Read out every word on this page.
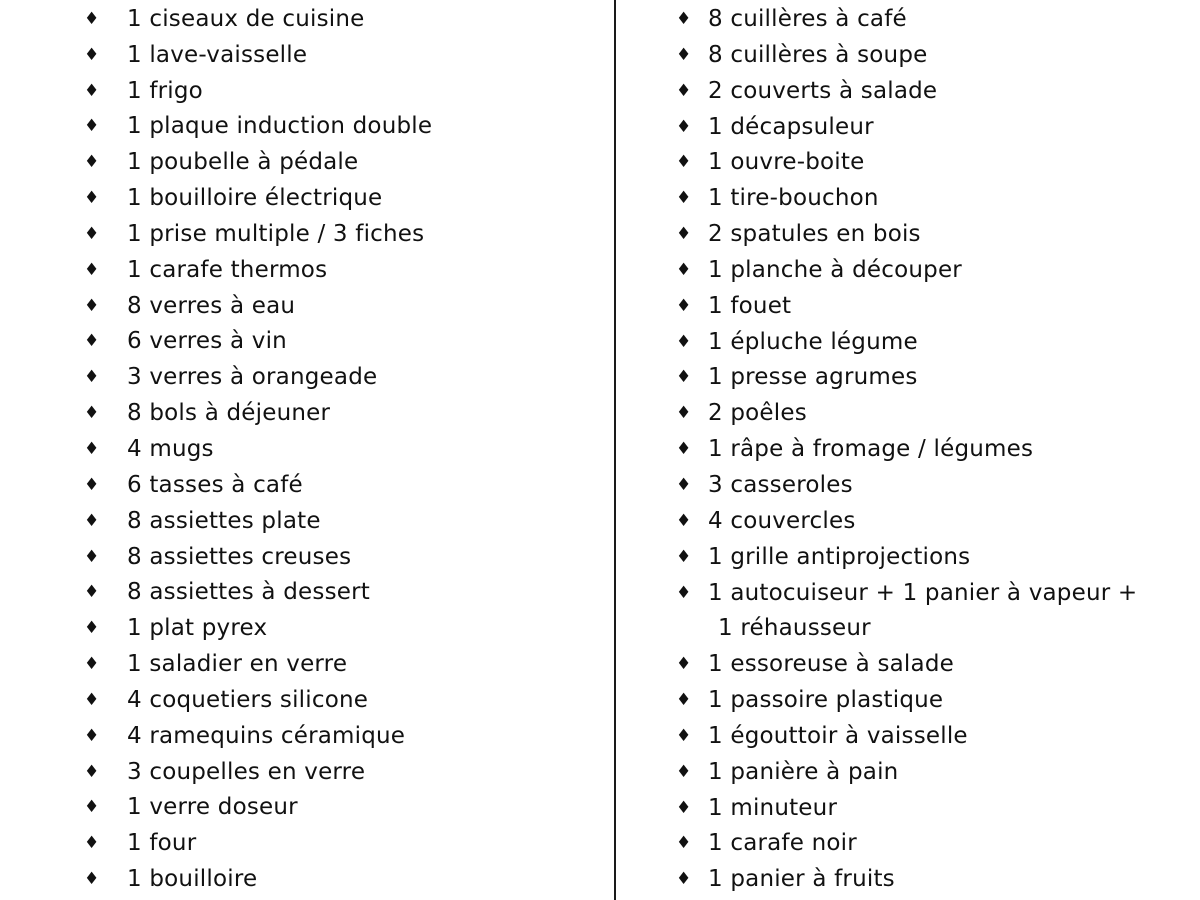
♦ 1 ciseaux de cuisine
♦ 1 lave-vaisselle
♦ 1 frigo
♦ 1 plaque induction double
♦ 1 poubelle à pédale
♦ 1 bouilloire électrique
♦ 1 prise multiple / 3 fiches
♦ 1 carafe thermos
♦ 8 verres à eau
♦ 6 verres à vin
♦ 3 verres à orangeade
♦ 8 bols à déjeuner
♦ 4 mugs
♦ 6 tasses à café
♦ 8 assiettes plate
♦ 8 assiettes creuses
♦ 8 assiettes à dessert
♦ 1 plat pyrex
♦ 1 saladier en verre
♦ 4 coquetiers silicone
♦ 4 ramequins céramique
♦ 3 coupelles en verre
♦ 1 verre doseur
♦ 1 four
♦ 1 bouilloire
♦ 8 cuillères à café
♦ 8 cuillères à soupe
♦ 2 couverts à salade
♦ 1 décapsuleur
♦ 1 ouvre-boite
♦ 1 tire-bouchon
♦ 2 spatules en bois
♦ 1 planche à découper
♦ 1 fouet
♦ 1 épluche légume
♦ 1 presse agrumes
♦ 2 poêles
♦ 1 râpe à fromage / légumes
♦ 3 casseroles
♦ 4 couvercles
♦ 1 grille antiprojections
♦ 1 autocuiseur + 1 panier à vapeur +
1 réhausseur
♦ 1 essoreuse à salade
♦ 1 passoire plastique
♦ 1 égouttoir à vaisselle
♦ 1 panière à pain
♦ 1 minuteur
♦ 1 carafe noir
♦ 1 panier à fruits
